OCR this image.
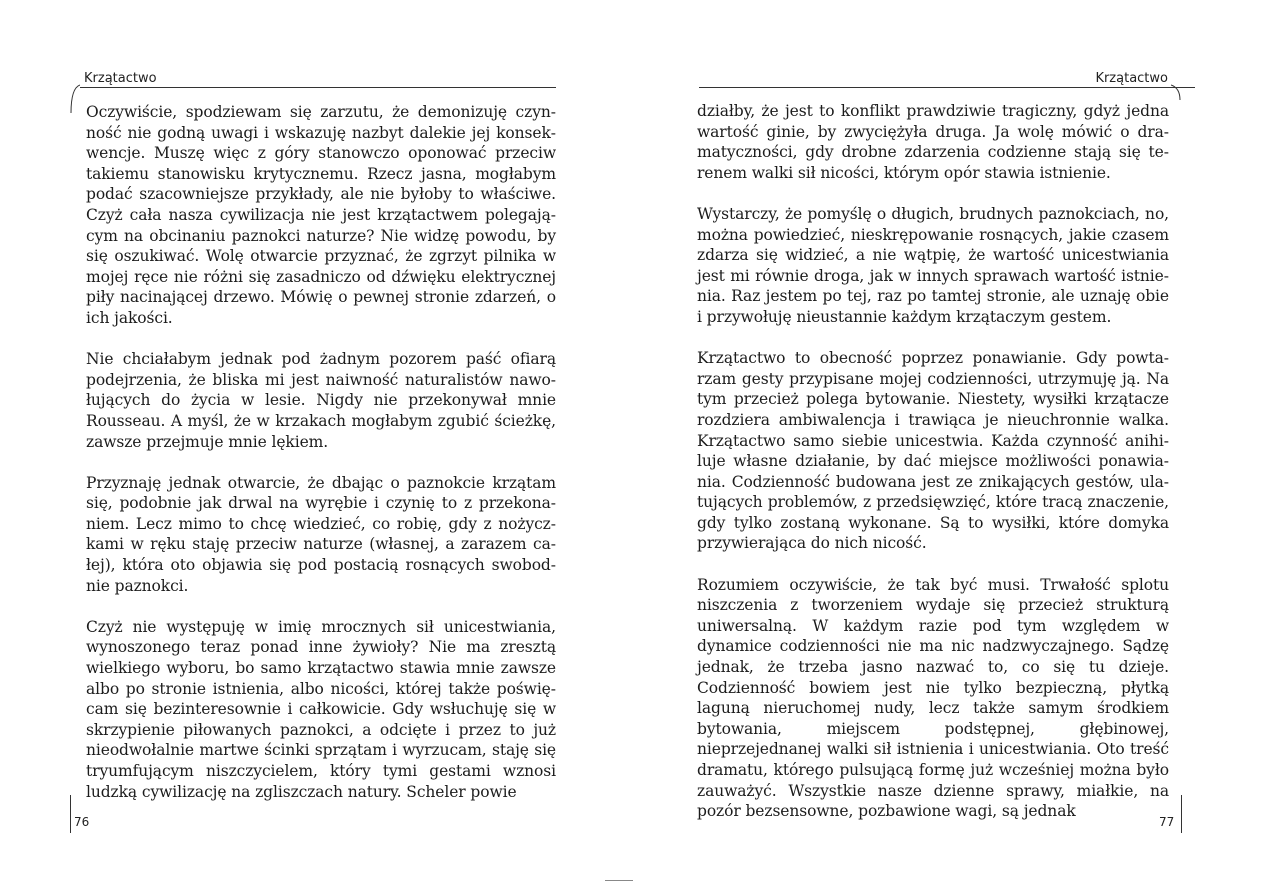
Krzątactwo

Oczywiście, spodziewam się zarzutu, że demonizuję czynność nie godną uwagi i wskazuję nazbyt dalekie jej konsekwencje. Muszę więc z góry stanowczo oponować przeciw takiemu stanowisku krytycznemu. Rzecz jasna, mogłabym podać szacowniejsze przykłady, ale nie byłoby to właściwe. Czyż cała nasza cywilizacja nie jest krzątactwem polegającym na obcinaniu paznokci naturze? Nie widzę powodu, by się oszukiwać. Wolę otwarcie przyznać, że zgrzyt pilnika w mojej ręce nie różni się zasadniczo od dźwięku elektrycznej piły nacinającej drzewo. Mówię o pewnej stronie zdarzeń, o ich jakości.

Nie chciałabym jednak pod żadnym pozorem paść ofiarą podejrzenia, że bliska mi jest naiwność naturalistów nawołujących do życia w lesie. Nigdy nie przekonywał mnie Rousseau. A myśl, że w krzakach mogłabym zgubić ścieżkę, zawsze przejmuje mnie lękiem.

Przyznaję jednak otwarcie, że dbając o paznokcie krzątam się, podobnie jak drwal na wyrębie i czynię to z przekonaniem. Lecz mimo to chcę wiedzieć, co robię, gdy z nożyczkami w ręku staję przeciw naturze (własnej, a zarazem całej), która oto objawia się pod postacią rosnących swobodnie paznokci.

Czyż nie występuję w imię mrocznych sił unicestwiania, wynoszonego teraz ponad inne żywioły? Nie ma zresztą wielkiego wyboru, bo samo krzątactwo stawia mnie zawsze albo po stronie istnienia, albo nicości, której także poświęcam się bezinteresownie i całkowicie. Gdy wsłuchuję się w skrzypienie piłowanych paznokci, a odcięte i przez to już nieodwołalnie martwe ścinki sprzątam i wyrzucam, staję się tryumfującym niszczycielem, który tymi gestami wznosi ludzką cywilizację na zgliszczach natury. Scheler powie

76
Krzątactwo

działby, że jest to konflikt prawdziwie tragiczny, gdyż jedna wartość ginie, by zwyciężyła druga. Ja wolę mówić o dramatyczności, gdy drobne zdarzenia codzienne stają się terenem walki sił nicości, którym opór stawia istnienie.

Wystarczy, że pomyślę o długich, brudnych paznokciach, no, można powiedzieć, nieskrępowanie rosnących, jakie czasem zdarza się widzieć, a nie wątpię, że wartość unicestwiania jest mi równie droga, jak w innych sprawach wartość istnienia. Raz jestem po tej, raz po tamtej stronie, ale uznaję obie i przywołuję nieustannie każdym krzątaczym gestem.

Krzątactwo to obecność poprzez ponawianie. Gdy powtarzam gesty przypisane mojej codzienności, utrzymuję ją. Na tym przecież polega bytowanie. Niestety, wysiłki krzątacze rozdziera ambiwalencja i trawiąca je nieuchronnie walka. Krzątactwo samo siebie unicestwia. Każda czynność anihiluje własne działanie, by dać miejsce możliwości ponawiania. Codzienność budowana jest ze znikających gestów, ulatujących problemów, z przedsięwzięć, które tracą znaczenie, gdy tylko zostaną wykonane. Są to wysiłki, które domyka przywierająca do nich nicość.

Rozumiem oczywiście, że tak być musi. Trwałość splotu niszczenia z tworzeniem wydaje się przecież strukturą uniwersalną. W każdym razie pod tym względem w dynamice codzienności nie ma nic nadzwyczajnego. Sądzę jednak, że trzeba jasno nazwać to, co się tu dzieje. Codzienność bowiem jest nie tylko bezpieczną, płytką laguną nieruchomej nudy, lecz także samym środkiem bytowania, miejscem podstępnej, głębinowej, nieprzejednanej walki sił istnienia i unicestwiania. Oto treść dramatu, którego pulsującą formę już wcześniej można było zauważyć. Wszystkie nasze dzienne sprawy, miałkie, na pozór bezsensowne, pozbawione wagi, są jednak

77
